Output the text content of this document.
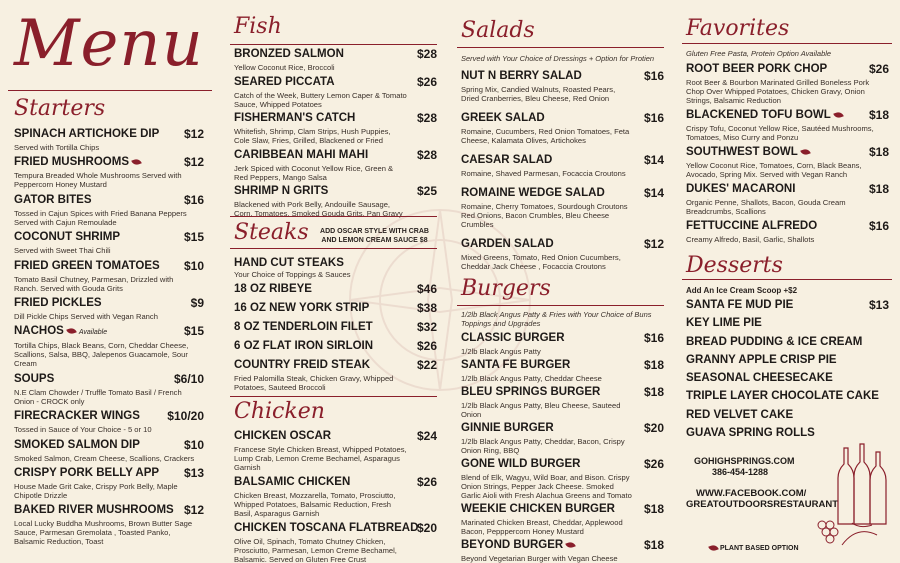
Menu
Starters
SPINACH ARTICHOKE DIP	$12
Served with Tortilla Chips
FRIED MUSHROOMS	$12
Tempura Breaded Whole Mushrooms Served with Peppercorn Honey Mustard
GATOR BITES	$16
Tossed in Cajun Spices with Fried Banana Peppers Served with Cajun Remoulade
COCONUT SHRIMP	$15
Served with Sweet Thai Chili
FRIED GREEN TOMATOES	$10
Tomato Basil Chutney, Parmesan, Drizzled with Ranch. Served with Gouda Grits
FRIED PICKLES	$9
Dill Pickle Chips Served with Vegan Ranch
NACHOS Available	$15
Tortilla Chips, Black Beans, Corn, Cheddar Cheese, Scallions, Salsa, BBQ, Jalepenos Guacamole, Sour Cream
SOUPS	$6/10
N.E Clam Chowder / Truffle Tomato Basil / French Onion - CROCK only
FIRECRACKER WINGS	$10/20
Tossed in Sauce of Your Choice - 5 or 10
SMOKED SALMON DIP	$10
Smoked Salmon, Cream Cheese, Scallions, Crackers
CRISPY PORK BELLY APP	$13
House Made Grit Cake, Crispy Pork Belly, Maple Chipotle Drizzle
BAKED RIVER MUSHROOMS $12
Local Lucky Buddha Mushrooms, Brown Butter Sage Sauce, Parmesan Gremolata , Toasted Panko, Balsamic Reduction, Toast
Fish
BRONZED SALMON	$28
Yellow Coconut Rice, Broccoli
SEARED PICCATA	$26
Catch of the Week, Buttery Lemon Caper & Tomato Sauce, Whipped Potatoes
FISHERMAN'S CATCH	$28
Whitefish, Shrimp, Clam Strips, Hush Puppies, Cole Slaw, Fries, Grilled, Blackened or Fried
CARIBBEAN MAHI MAHI	$28
Jerk Spiced with Coconut Yellow Rice, Green & Red Peppers, Mango Salsa
SHRIMP N GRITS	$25
Blackened with Pork Belly, Andouille Sausage, Corn, Tomatoes, Smoked Gouda Grits, Pan Gravy
Steaks	ADD OSCAR STYLE WITH CRAB AND LEMON CREAM SAUCE $8
HAND CUT STEAKS
Your Choice of Toppings & Sauces
18 OZ RIBEYE	$46
16 OZ NEW YORK STRIP	$38
8 OZ TENDERLOIN FILET	$32
6 OZ FLAT IRON SIRLOIN	$26
COUNTRY FREID STEAK	$22
Fried Palomilla Steak, Chicken Gravy, Whipped Potatoes, Sauteed Broccoli
Chicken
CHICKEN OSCAR	$24
Francese Style Chicken Breast, Whipped Potatoes, Lump Crab, Lemon Creme Bechamel, Asparagus Garnish
BALSAMIC CHICKEN	$26
Chicken Breast, Mozzarella, Tomato, Prosciutto, Whipped Potatoes, Balsamic Reduction, Fresh Basil, Asparagus Garnish
CHICKEN TOSCANA FLATBREAD
$20
Olive Oil, Spinach, Tomato Chutney Chicken, Prosciutto, Parmesan, Lemon Creme Bechamel, Balsamic. Served on Gluten Free Crust
Salads
Served with Your Choice of Dressings + Option for Protien
NUT N BERRY SALAD	$16
Spring Mix, Candied Walnuts, Roasted Pears, Dried Cranberries, Bleu Cheese, Red Onion
GREEK SALAD	$16
Romaine, Cucumbers, Red Onion Tomatoes, Feta Cheese, Kalamata Olives, Artichokes
CAESAR SALAD	$14
Romaine, Shaved Parmesan, Focaccia Croutons
ROMAINE WEDGE SALAD	$14
Romaine, Cherry Tomatoes, Sourdough Croutons Red Onions, Bacon Crumbles, Bleu Cheese Crumbles
GARDEN SALAD	$12
Mixed Greens, Tomato, Red Onion Cucumbers, Cheddar Jack Cheese , Focaccia Croutons
Burgers
1/2lb Black Angus Patty & Fries with Your Choice of Buns Toppings and Upgrades
CLASSIC BURGER	$16
1/2lb Black Angus Patty
SANTA FE BURGER	$18
1/2lb Black Angus Patty, Cheddar Cheese
BLEU SPRINGS BURGER	$18
1/2lb Black Angus Patty, Bleu Cheese, Sauteed Onion
GINNIE BURGER	$20
1/2lb Black Angus Patty, Cheddar, Bacon, Crispy Onion Ring, BBQ
GONE WILD BURGER	$26
Blend of Elk, Wagyu, Wild Boar, and Bison. Crispy Onion Strings, Pepper Jack Cheese. Smoked Garlic Aioli with Fresh Alachua Greens and Tomato
WEEKIE CHICKEN BURGER	$18
Marinated Chicken Breast, Cheddar, Applewood Bacon, Pepppercorn Honey Mustard
BEYOND BURGER	$18
Beyond Vegetarian Burger with Vegan Cheese
Favorites
Gluten Free Pasta, Protein Option Available
ROOT BEER PORK CHOP	$26
Root Beer & Bourbon Marinated Grilled Boneless Pork Chop Over Whipped Potatoes, Chicken Gravy, Onion Strings, Balsamic Reduction
BLACKENED TOFU BOWL	$18
Crispy Tofu, Coconut Yellow Rice, Sautéed Mushrooms, Tomatoes, Miso Curry and Ponzu
SOUTHWEST BOWL	$18
Yellow Coconut Rice, Tomatoes, Corn, Black Beans, Avocado, Spring Mix. Served with Vegan Ranch
DUKES' MACARONI	$18
Organic Penne, Shallots, Bacon, Gouda Cream Breadcrumbs, Scallions
FETTUCCINE ALFREDO	$16
Creamy Alfredo, Basil, Garlic, Shallots
Desserts
Add An Ice Cream Scoop +$2
SANTA FE MUD PIE	$13
KEY LIME PIE
BREAD PUDDING & ICE CREAM
GRANNY APPLE CRISP PIE
SEASONAL CHEESECAKE
TRIPLE LAYER CHOCOLATE CAKE
RED VELVET CAKE
GUAVA SPRING ROLLS
GOHIGHSPRINGS.COM
386-454-1288
WWW.FACEBOOK.COM/
GREATOUTDOORSRESTAURANT
PLANT BASED OPTION
